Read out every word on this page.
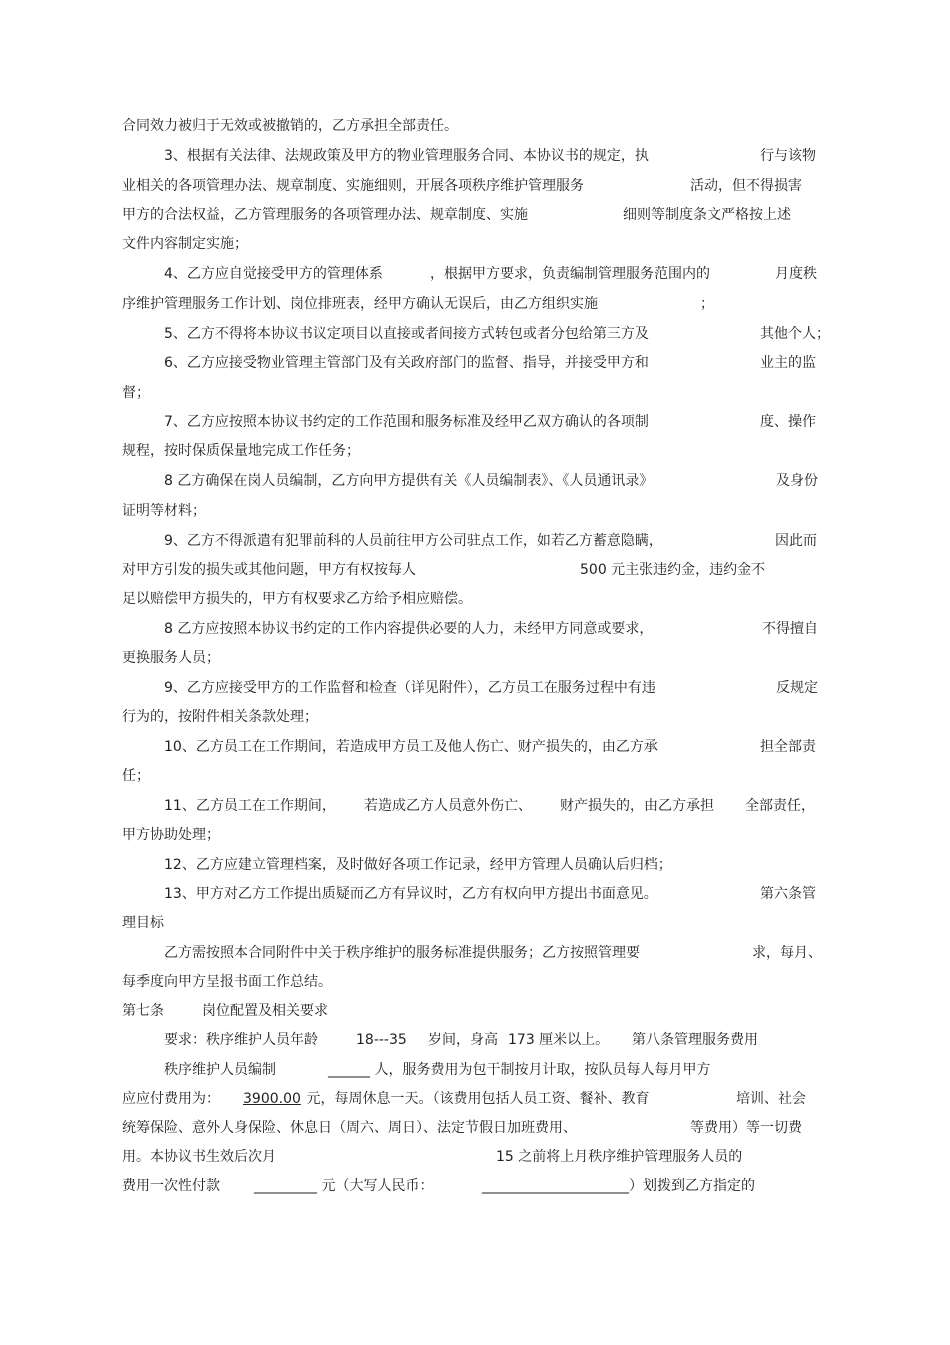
合同效力被归于无效或被撤销的，乙方承担全部责任。
3、根据有关法律、法规政策及甲方的物业管理服务合同、本协议书的规定，执	行与该物
业相关的各项管理办法、规章制度、实施细则，开展各项秩序维护管理服务	活动，但不得损害
甲方的合法权益，乙方管理服务的各项管理办法、规章制度、实施	细则等制度条文严格按上述
文件内容制定实施；
4、乙方应自觉接受甲方的管理体系	，根据甲方要求，负责编制管理服务范围内的	月度秩
序维护管理服务工作计划、岗位排班表，经甲方确认无误后，由乙方组织实施	；
5、乙方不得将本协议书议定项目以直接或者间接方式转包或者分包给第三方及	其他个人；
6、乙方应接受物业管理主管部门及有关政府部门的监督、指导，并接受甲方和	业主的监
督；
7、乙方应按照本协议书约定的工作范围和服务标准及经甲乙双方确认的各项制	度、操作
规程，按时保质保量地完成工作任务；
8 乙方确保在岗人员编制，乙方向甲方提供有关《人员编制表》、《人员通讯录》	及身份
证明等材料；
9、乙方不得派遣有犯罪前科的人员前往甲方公司驻点工作，如若乙方蓄意隐瞒，	因此而
对甲方引发的损失或其他问题，甲方有权按每人	500 元主张违约金，违约金不
足以赔偿甲方损失的，甲方有权要求乙方给予相应赔偿。
8 乙方应按照本协议书约定的工作内容提供必要的人力，未经甲方同意或要求，	不得擅自
更换服务人员；
9、乙方应接受甲方的工作监督和检查（详见附件），乙方员工在服务过程中有违	反规定
行为的，按附件相关条款处理；
10、乙方员工在工作期间，若造成甲方员工及他人伤亡、财产损失的，由乙方承	担全部责
任；
11、乙方员工在工作期间， 若造成乙方人员意外伤亡、 财产损失的，由乙方承担 全部责任，
甲方协助处理；
12、乙方应建立管理档案，及时做好各项工作记录，经甲方管理人员确认后归档；
13、甲方对乙方工作提出质疑而乙方有异议时，乙方有权向甲方提出书面意见。	第六条管
理目标
乙方需按照本合同附件中关于秩序维护的服务标准提供服务；乙方按照管理要	求，每月、
每季度向甲方呈报书面工作总结。
第七条	岗位配置及相关要求
要求：秩序维护人员年龄	18---35 岁间，身高 173 厘米以上。 第八条管理服务费用
秩序维护人员编制	______ 人，服务费用为包干制按月计取，按队员每人每月甲方
应应付费用为： 3900.00 元，每周休息一天。（该费用包括人员工资、餐补、教育	培训、社会
统筹保险、意外人身保险、休息日（周六、周日）、法定节假日加班费用、	等费用）等一切费
用。本协议书生效后次月	15 之前将上月秩序维护管理服务人员的
费用一次性付款 _________ 元（大写人民币：	_____________________）划拨到乙方指定的
